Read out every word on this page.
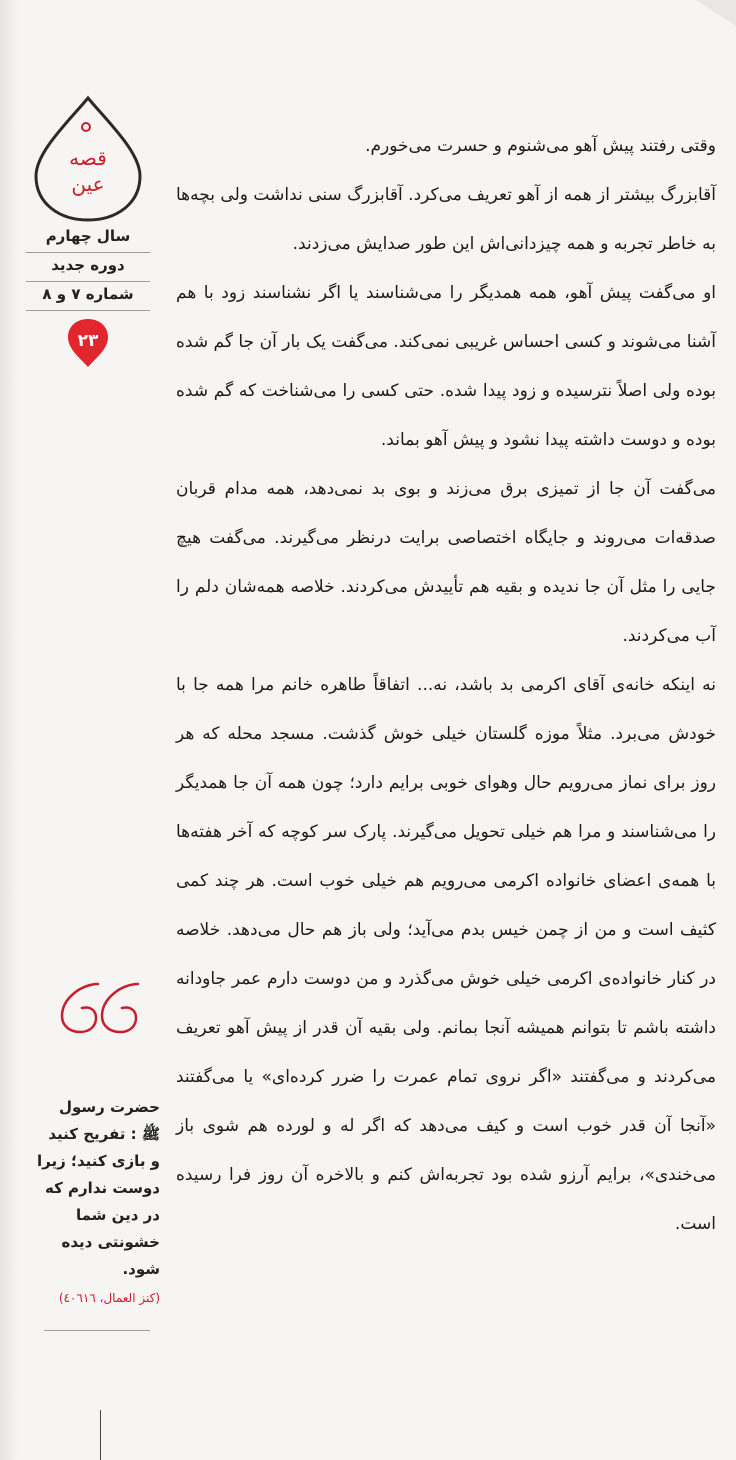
قصه
عین
سال چهارم
دوره جدید
شماره ۷ و ۸
۲۳
حضرت رسول ﷺ : تفریح کنید و بازی کنید؛ زیرا دوست ندارم که در دین شما خشونتی دیده شود.
(کنز العمال، ٤٠٦١٦)

وقتی رفتند پیش آهو می‌شنوم و حسرت می‌خورم.

آقابزرگ بیشتر از همه از آهو تعریف می‌کرد. آقابزرگ سنی نداشت ولی بچه‌ها به خاطر تجربه و همه چیزدانی‌اش این طور صدایش می‌زدند.

او می‌گفت پیش آهو، همه همدیگر را می‌شناسند یا اگر نشناسند زود با هم آشنا می‌شوند و کسی احساس غریبی نمی‌کند. می‌گفت یک بار آن جا گم شده بوده ولی اصلاً نترسیده و زود پیدا شده. حتی کسی را می‌شناخت که گم شده بوده و دوست داشته پیدا نشود و پیش آهو بماند.

می‌گفت آن جا از تمیزی برق می‌زند و بوی بد نمی‌دهد، همه مدام قربان صدقه‌ات می‌روند و جایگاه اختصاصی برایت درنظر می‌گیرند. می‌گفت هیچ جایی را مثل آن جا ندیده و بقیه هم تأییدش می‌کردند. خلاصه همه‌شان دلم را آب می‌کردند.

نه اینکه خانه‌ی آقای اکرمی بد باشد، نه... اتفاقاً طاهره خانم مرا همه جا با خودش می‌برد. مثلاً موزه گلستان خیلی خوش گذشت. مسجد محله که هر روز برای نماز می‌رویم حال وهوای خوبی برایم دارد؛ چون همه آن جا همدیگر را می‌شناسند و مرا هم خیلی تحویل می‌گیرند. پارک سر کوچه که آخر هفته‌ها با همه‌ی اعضای خانواده اکرمی می‌رویم هم خیلی خوب است. هر چند کمی کثیف است و من از چمن خیس بدم می‌آید؛ ولی باز هم حال می‌دهد. خلاصه در کنار خانواده‌ی اکرمی خیلی خوش می‌گذرد و من دوست دارم عمر جاودانه داشته باشم تا بتوانم همیشه آنجا بمانم. ولی بقیه آن قدر از پیش آهو تعریف می‌کردند و می‌گفتند «اگر نروی تمام عمرت را ضرر کرده‌ای» یا می‌گفتند «آنجا آن قدر خوب است و کیف می‌دهد که اگر له و لورده هم شوی باز می‌خندی»، برایم آرزو شده بود تجربه‌اش کنم و بالاخره آن روز فرا رسیده است.
